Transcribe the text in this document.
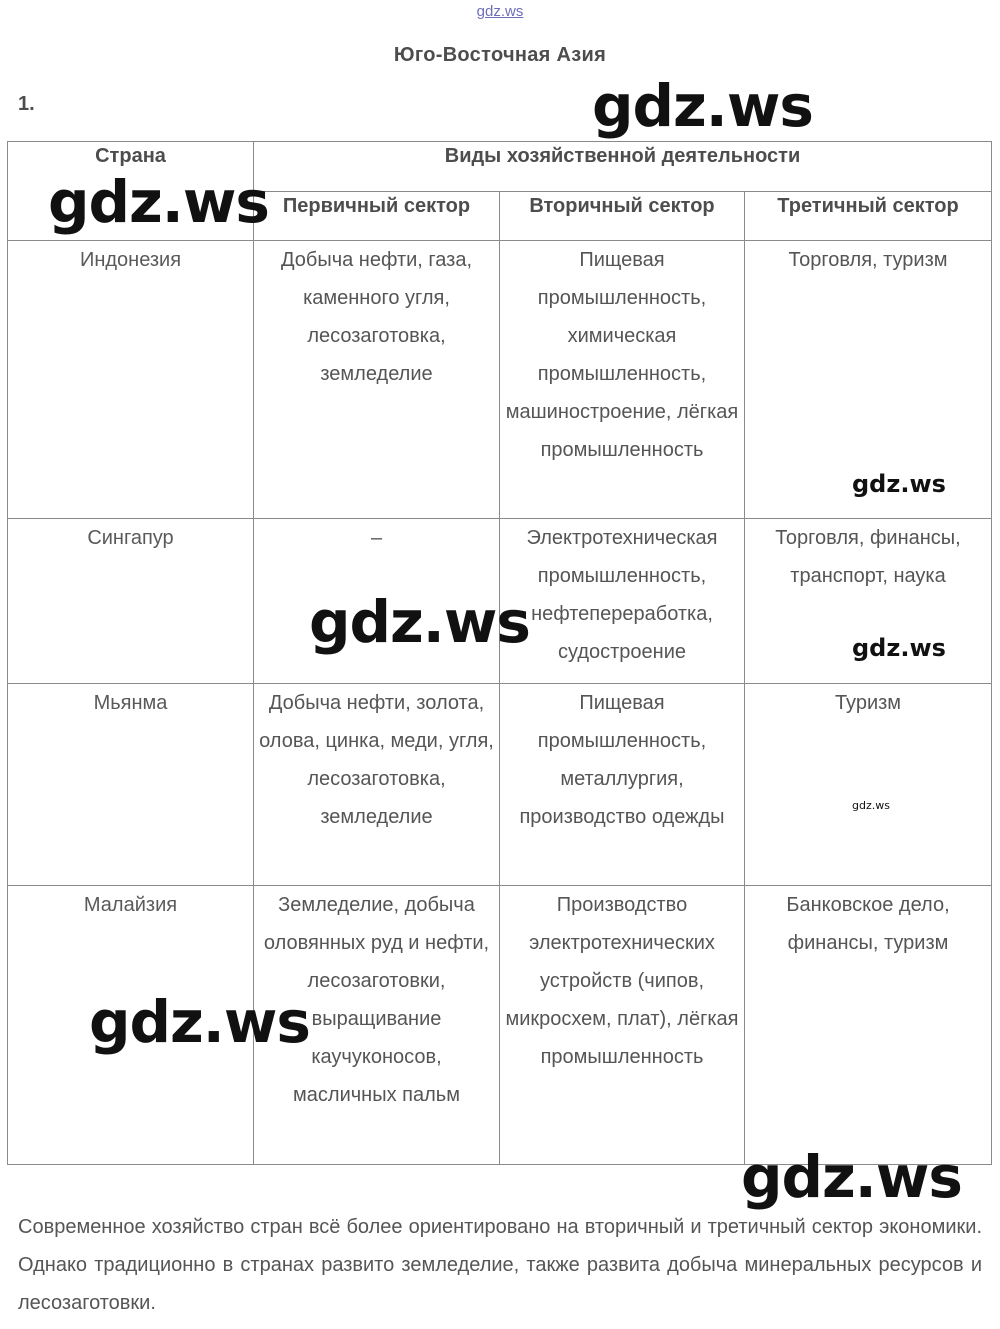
gdz.ws
Юго-Восточная Азия
1.
Страна	Виды хозяйственной деятельности		
	Первичный сектор	Вторичный сектор	Третичный сектор
Индонезия	Добыча нефти, газа, каменного угля, лесозаготовка, земледелие	Пищевая промышленность, химическая промышленность, машиностроение, лёгкая промышленность	Торговля, туризм
Сингапур	–	Электротехническая промышленность, нефтепереработка, судостроение	Торговля, финансы, транспорт, наука
Мьянма	Добыча нефти, золота, олова, цинка, меди, угля, лесозаготовка, земледелие	Пищевая промышленность, металлургия, производство одежды	Туризм
Малайзия	Земледелие, добыча оловянных руд и нефти, лесозаготовки, выращивание каучуконосов, масличных пальм	Производство электротехнических устройств (чипов, микросхем, плат), лёгкая промышленность	Банковское дело, финансы, туризм
Современное хозяйство стран всё более ориентировано на вторичный и третичный сектор экономики. Однако традиционно в странах развито земледелие, также развита добыча минеральных ресурсов и лесозаготовки.
gdz.ws
gdz.ws
gdz.ws
gdz.ws	gdz.ws
gdz.ws
gdz.ws
gdz.ws
